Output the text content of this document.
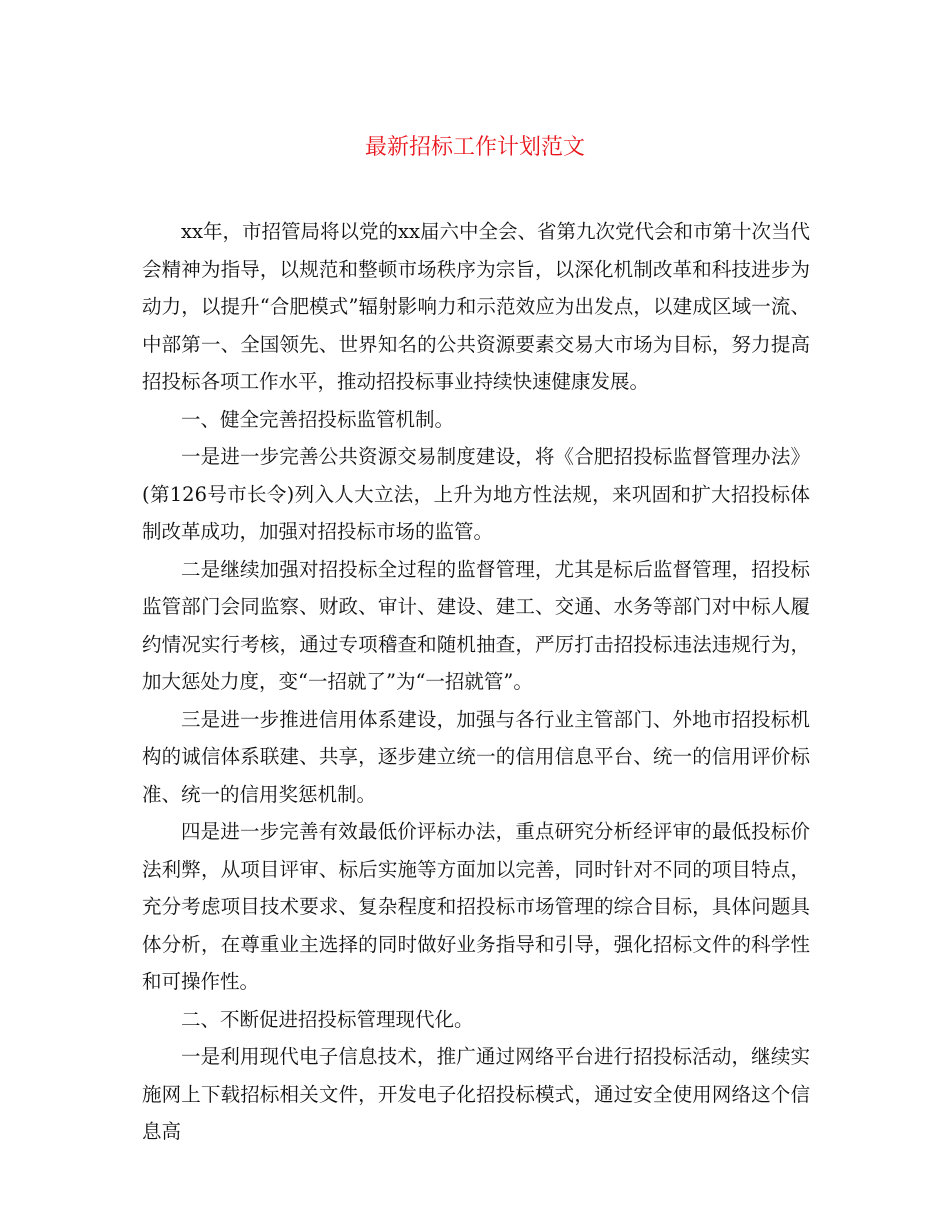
最新招标工作计划范文

xx年，市招管局将以党的xx届六中全会、省第九次党代会和市第十次当代会精神为指导，以规范和整顿市场秩序为宗旨，以深化机制改革和科技进步为动力，以提升“合肥模式”辐射影响力和示范效应为出发点，以建成区域一流、中部第一、全国领先、世界知名的公共资源要素交易大市场为目标，努力提高招投标各项工作水平，推动招投标事业持续快速健康发展。

一、健全完善招投标监管机制。

一是进一步完善公共资源交易制度建设，将《合肥招投标监督管理办法》(第126号市长令)列入人大立法，上升为地方性法规，来巩固和扩大招投标体制改革成功，加强对招投标市场的监管。

二是继续加强对招投标全过程的监督管理，尤其是标后监督管理，招投标监管部门会同监察、财政、审计、建设、建工、交通、水务等部门对中标人履约情况实行考核，通过专项稽查和随机抽查，严厉打击招投标违法违规行为，加大惩处力度，变“一招就了”为“一招就管”。

三是进一步推进信用体系建设，加强与各行业主管部门、外地市招投标机构的诚信体系联建、共享，逐步建立统一的信用信息平台、统一的信用评价标准、统一的信用奖惩机制。

四是进一步完善有效最低价评标办法，重点研究分析经评审的最低投标价法利弊，从项目评审、标后实施等方面加以完善，同时针对不同的项目特点，充分考虑项目技术要求、复杂程度和招投标市场管理的综合目标，具体问题具体分析，在尊重业主选择的同时做好业务指导和引导，强化招标文件的科学性和可操作性。

二、不断促进招投标管理现代化。

一是利用现代电子信息技术，推广通过网络平台进行招投标活动，继续实施网上下载招标相关文件，开发电子化招投标模式，通过安全使用网络这个信息高
